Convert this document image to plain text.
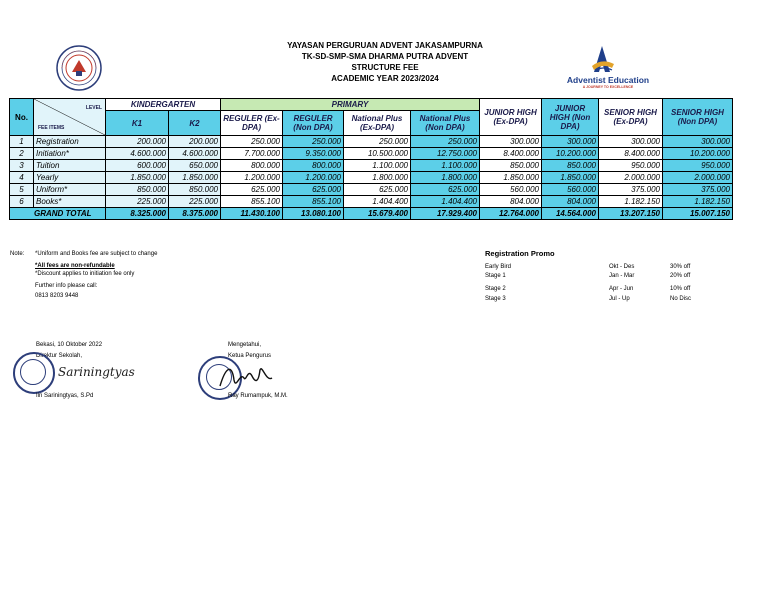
YAYASAN PERGURUAN ADVENT JAKASAMPURNA
TK-SD-SMP-SMA DHARMA PUTRA ADVENT
STRUCTURE FEE
ACADEMIC YEAR 2023/2024	Adventist Education
A JOURNEY TO EXCELLENCE
No.	LEVEL
FEE ITEMS	KINDERGARTEN		PRIMARY				JUNIOR HIGH (Ex-DPA)	JUNIOR HIGH (Non DPA)	SENIOR HIGH (Ex-DPA)	SENIOR HIGH (Non DPA)
		K1	K2	REGULER (Ex-DPA)	REGULER (Non DPA)	National Plus (Ex-DPA)	National Plus (Non DPA)				
1	Registration	200.000	200.000	250.000	250.000	250.000	250.000	300.000	300.000	300.000	300.000
2	Initiation*	4.600.000	4.600.000	7.700.000	9.350.000	10.500.000	12.750.000	8.400.000	10.200.000	8.400.000	10.200.000
3	Tuition	600.000	650.000	800.000	800.000	1.100.000	1.100.000	850.000	850.000	950.000	950.000
4	Yearly	1.850.000	1.850.000	1.200.000	1.200.000	1.800.000	1.800.000	1.850.000	1.850.000	2.000.000	2.000.000
5	Uniform*	850.000	850.000	625.000	625.000	625.000	625.000	560.000	560.000	375.000	375.000
6	Books*	225.000	225.000	855.100	855.100	1.404.400	1.404.400	804.000	804.000	1.182.150	1.182.150
GRAND TOTAL		8.325.000	8.375.000	11.430.100	13.080.100	15.679.400	17.929.400	12.764.000	14.564.000	13.207.150	15.007.150
Note: *Uniform and Books fee are subject to change
*All fees are non-refundable
*Discount applies to initiation fee only
Further info please call:
0813 8203 9448
Registration Promo
Early Bird	Okt - Des	30% off
Stage 1	Jan - Mar	20% off
Stage 2	Apr - Jun	10% off
Stage 3	Jul - Up	No Disc
Bekasi, 10 Oktober 2022
Direktur Sekolah,
Sariningtyas
Iin Sariningtyas, S.Pd
Mengetahui,
Ketua Pengurus
Ray Rumampuk, M.M.
